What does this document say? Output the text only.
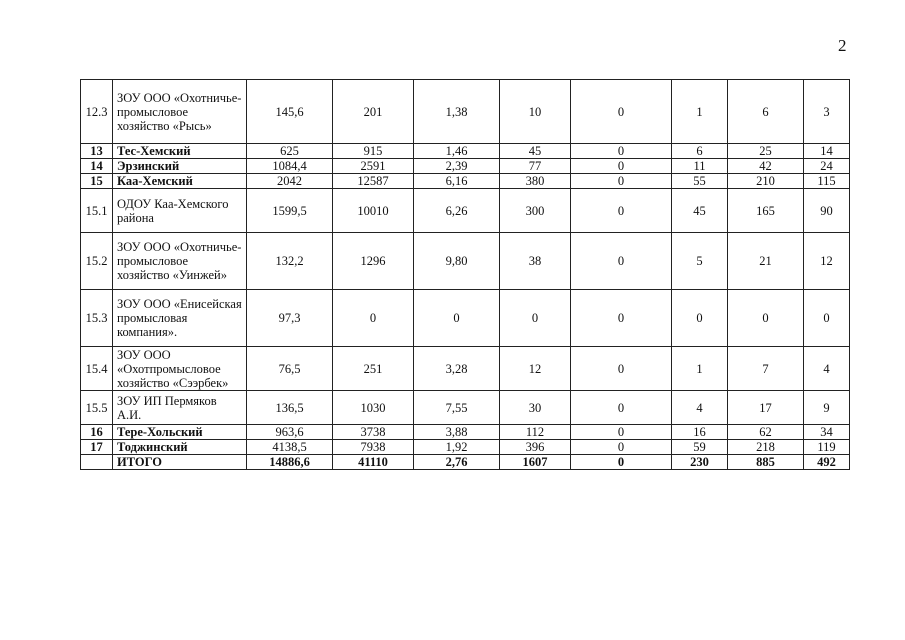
2
12.3	ЗОУ ООО «Охотничье-промысловое хозяйство «Рысь»	145,6	201	1,38	10	0	1	6	3
13	Тес-Хемский	625	915	1,46	45	0	6	25	14
14	Эрзинский	1084,4	2591	2,39	77	0	11	42	24
15	Каа-Хемский	2042	12587	6,16	380	0	55	210	115
15.1	ОДОУ Каа-Хемского района	1599,5	10010	6,26	300	0	45	165	90
15.2	ЗОУ ООО «Охотничье-промысловое хозяйство «Уинжей»	132,2	1296	9,80	38	0	5	21	12
15.3	ЗОУ ООО «Енисейская промысловая компания».	97,3	0	0	0	0	0	0	0
15.4	ЗОУ ООО «Охотпромысловое хозяйство «Сээрбек»	76,5	251	3,28	12	0	1	7	4
15.5	ЗОУ ИП Пермяков А.И.	136,5	1030	7,55	30	0	4	17	9
16	Тере-Хольский	963,6	3738	3,88	112	0	16	62	34
17	Тоджинский	4138,5	7938	1,92	396	0	59	218	119
	ИТОГО	14886,6	41110	2,76	1607	0	230	885	492
